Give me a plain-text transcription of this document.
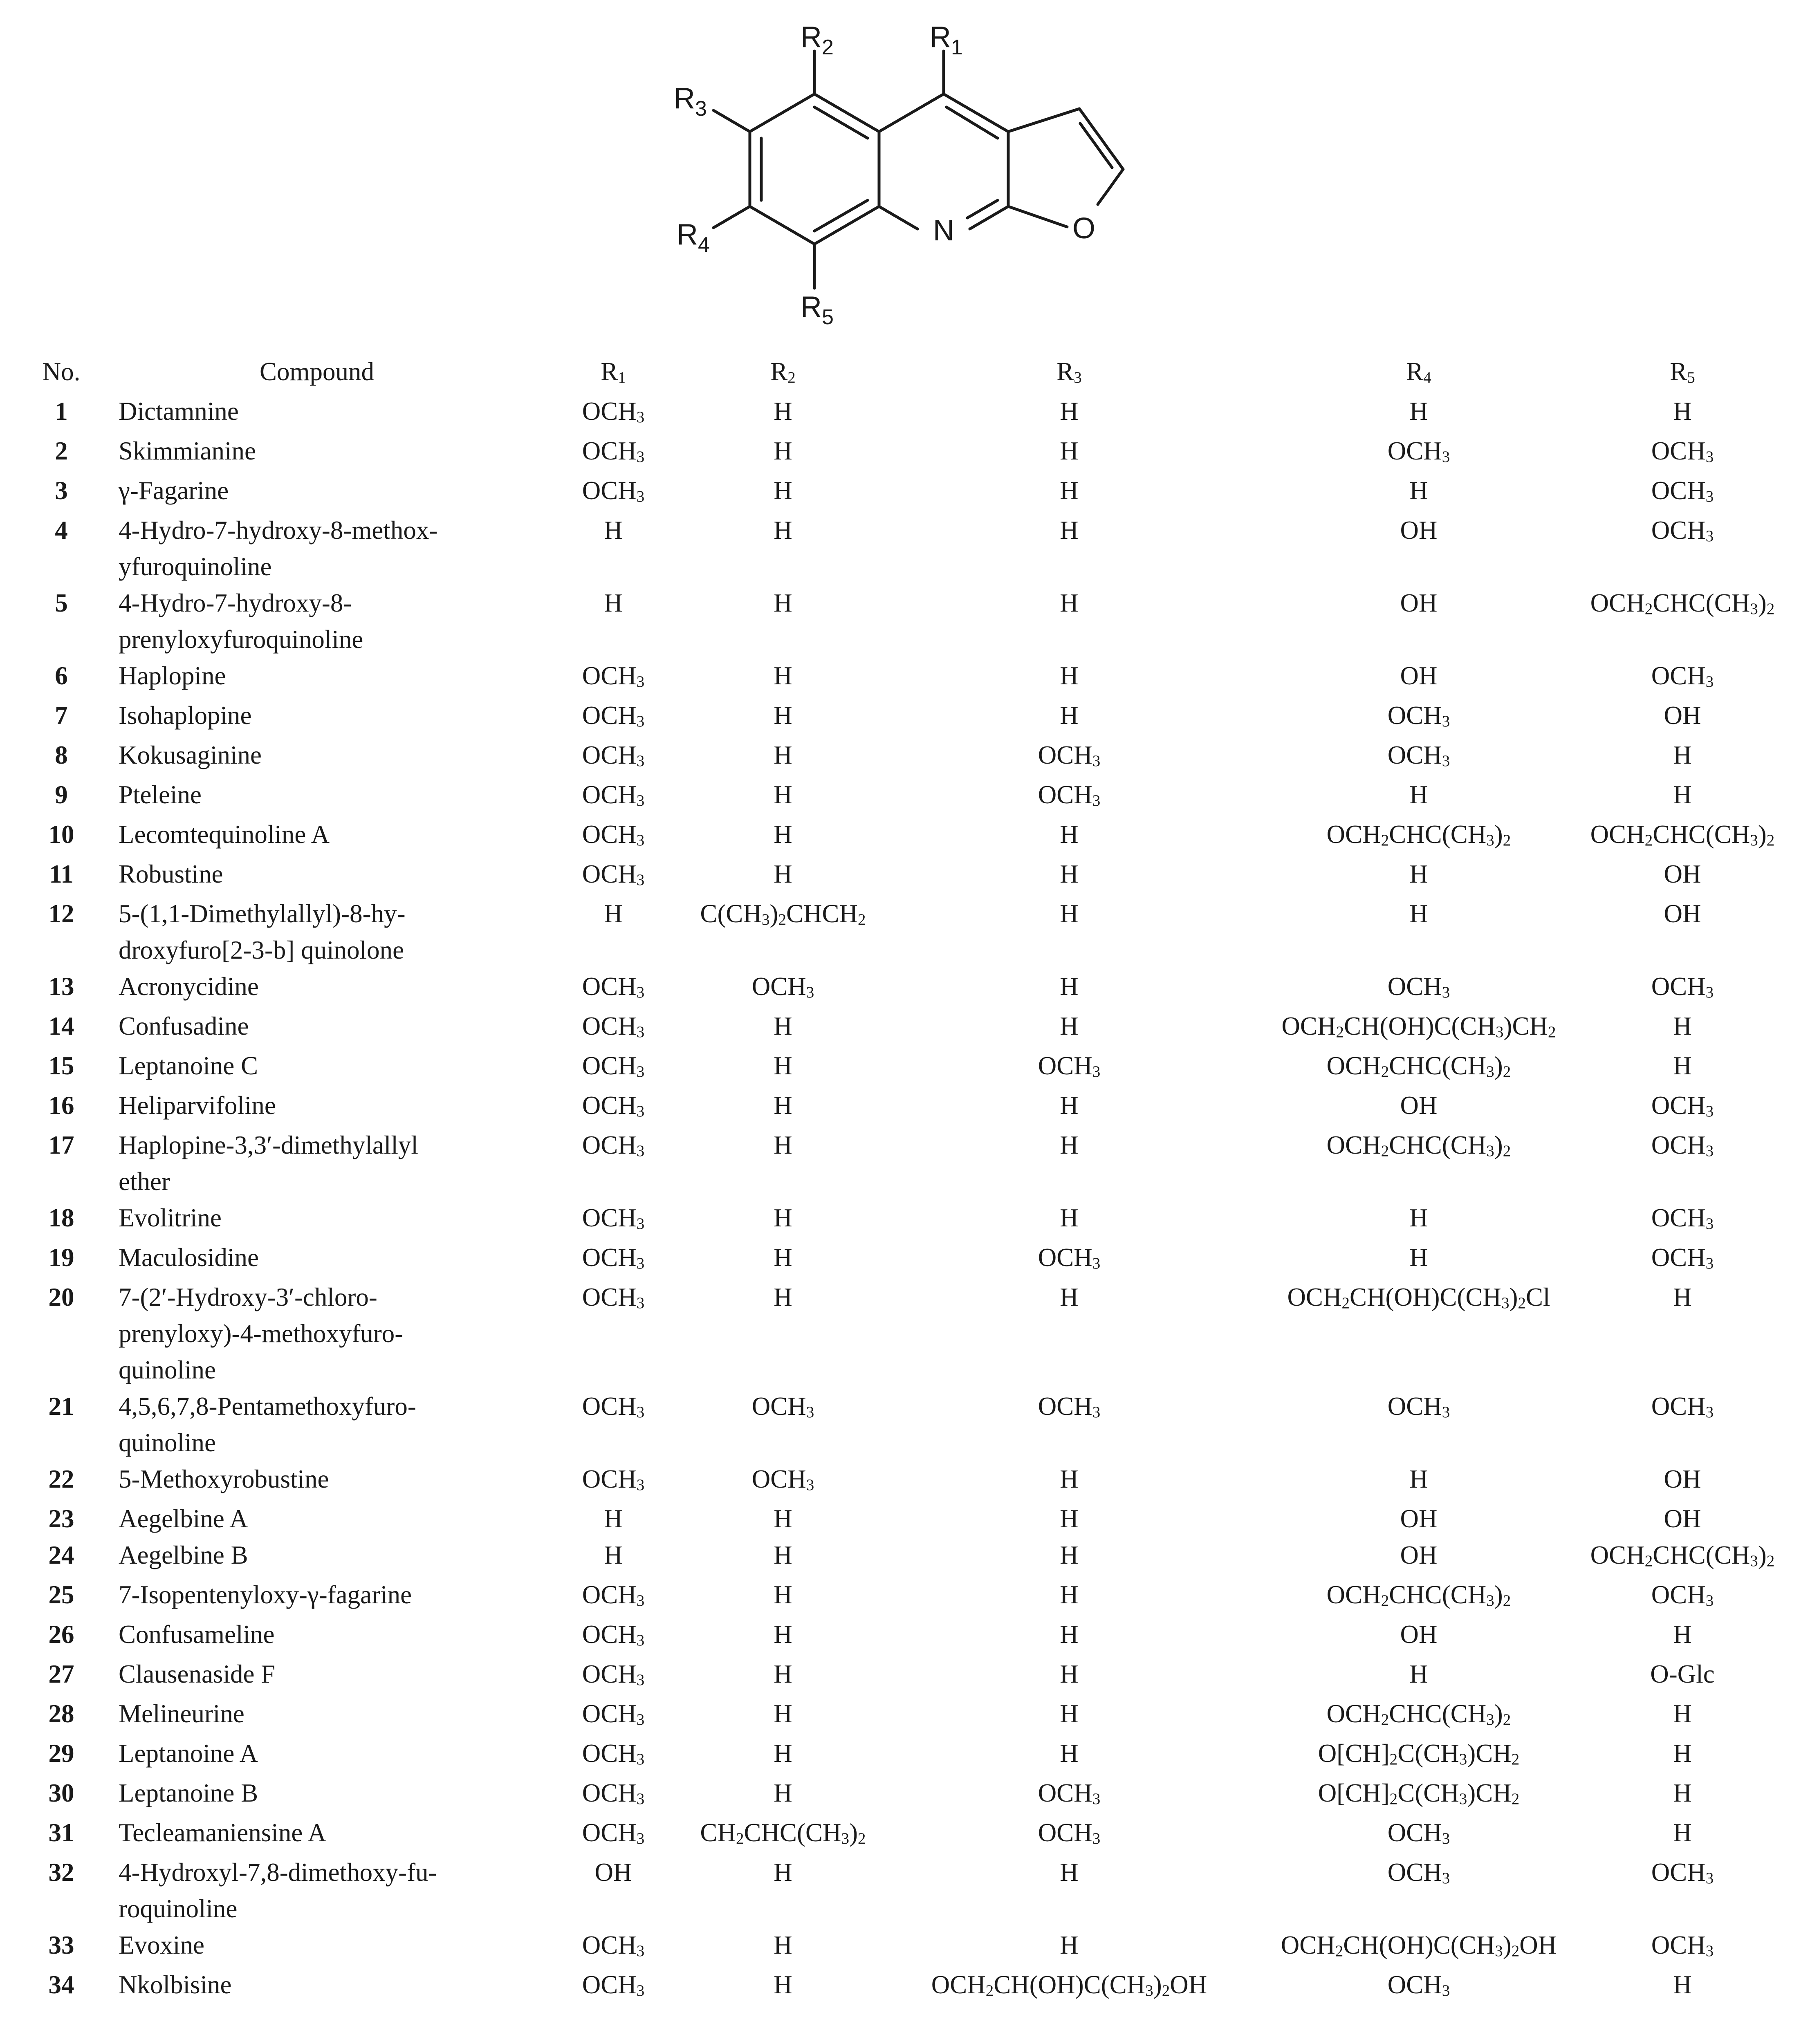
$R_2$	$R_1$
$R_3$
$R_4$
$R_5$
N	O
No.	Compound	R1	R2	R3	R4	R5
1	Dictamnine	OCH3	H	H	H	H
2	Skimmianine	OCH3	H	H	OCH3	OCH3
3	γ-Fagarine	OCH3	H	H	H	OCH3
4	4-Hydro-7-hydroxy-8-methox-
yfuroquinoline	H	H	H	OH	OCH3
5	4-Hydro-7-hydroxy-8-
prenyloxyfuroquinoline	H	H	H	OH	OCH2CHC(CH3)2
6	Haplopine	OCH3	H	H	OH	OCH3
7	Isohaplopine	OCH3	H	H	OCH3	OH
8	Kokusaginine	OCH3	H	OCH3	OCH3	H
9	Pteleine	OCH3	H	OCH3	H	H
10	Lecomtequinoline A	OCH3	H	H	OCH2CHC(CH3)2	OCH2CHC(CH3)2
11	Robustine	OCH3	H	H	H	OH
12	5-(1,1-Dimethylallyl)-8-hy-
droxyfuro[2-3-b] quinolone	H	C(CH3)2CHCH2	H	H	OH
13	Acronycidine	OCH3	OCH3	H	OCH3	OCH3
14	Confusadine	OCH3	H	H	OCH2CH(OH)C(CH3)CH2	H
15	Leptanoine C	OCH3	H	OCH3	OCH2CHC(CH3)2	H
16	Heliparvifoline	OCH3	H	H	OH	OCH3
17	Haplopine-3,3′-dimethylallyl
ether	OCH3	H	H	OCH2CHC(CH3)2	OCH3
18	Evolitrine	OCH3	H	H	H	OCH3
19	Maculosidine	OCH3	H	OCH3	H	OCH3
20	7-(2′-Hydroxy-3′-chloro-
prenyloxy)-4-methoxyfuro-
quinoline	OCH3	H	H	OCH2CH(OH)C(CH3)2Cl	H
21	4,5,6,7,8-Pentamethoxyfuro-
quinoline	OCH3	OCH3	OCH3	OCH3	OCH3
22	5-Methoxyrobustine	OCH3	OCH3	H	H	OH
23	Aegelbine A	H	H	H	OH	OH
24	Aegelbine B	H	H	H	OH	OCH2CHC(CH3)2
25	7-Isopentenyloxy-γ-fagarine	OCH3	H	H	OCH2CHC(CH3)2	OCH3
26	Confusameline	OCH3	H	H	OH	H
27	Clausenaside F	OCH3	H	H	H	O-Glc
28	Melineurine	OCH3	H	H	OCH2CHC(CH3)2	H
29	Leptanoine A	OCH3	H	H	O[CH]2C(CH3)CH2	H
30	Leptanoine B	OCH3	H	OCH3	O[CH]2C(CH3)CH2	H
31	Tecleamaniensine A	OCH3	CH2CHC(CH3)2	OCH3	OCH3	H
32	4-Hydroxyl-7,8-dimethoxy-fu-
roquinoline	OH	H	H	OCH3	OCH3
33	Evoxine	OCH3	H	H	OCH2CH(OH)C(CH3)2OH	OCH3
34	Nkolbisine	OCH3	H	OCH2CH(OH)C(CH3)2OH	OCH3	H
